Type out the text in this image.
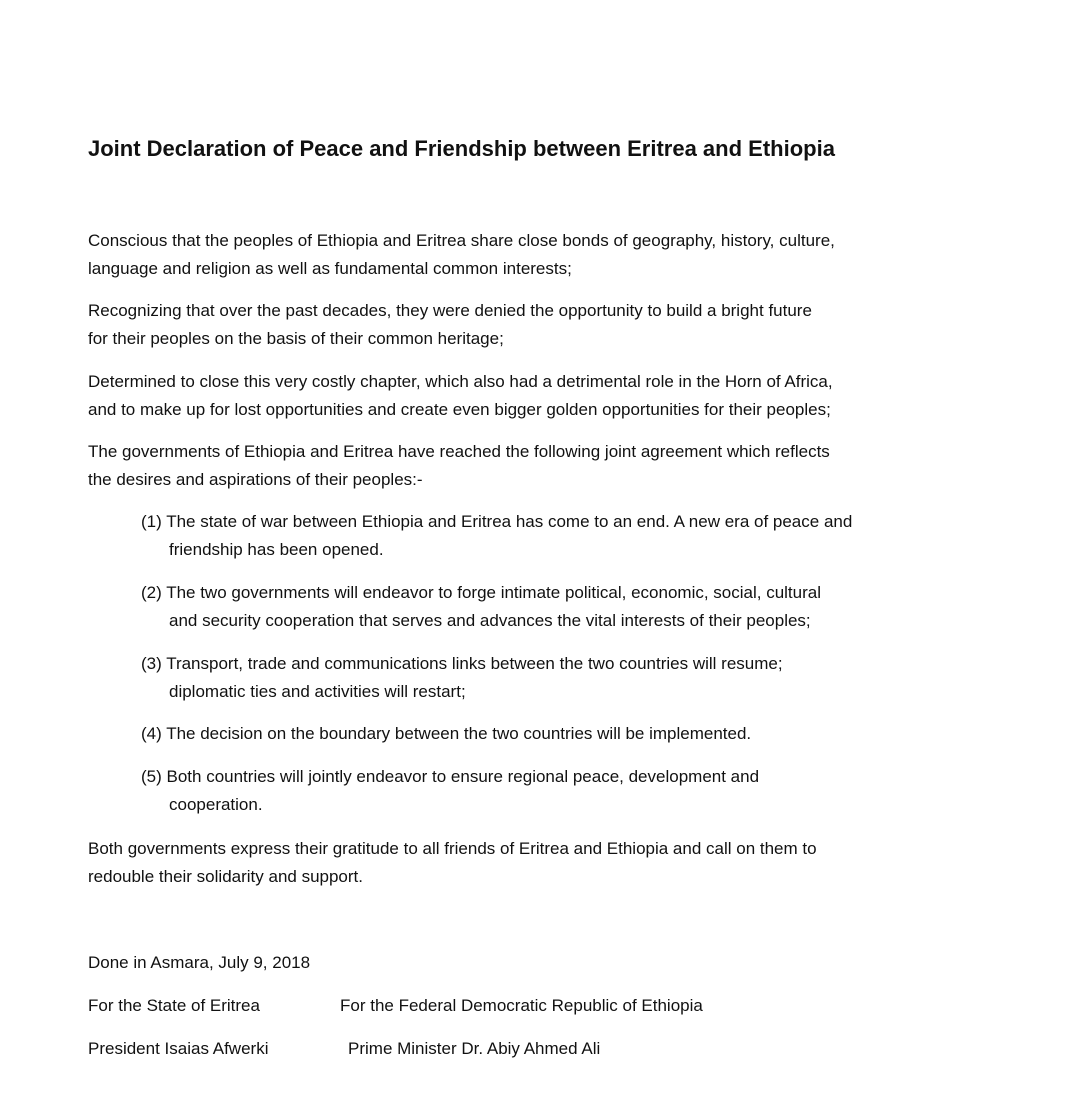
Joint Declaration of Peace and Friendship between Eritrea and Ethiopia

Conscious that the peoples of Ethiopia and Eritrea share close bonds of geography, history, culture,
language and religion as well as fundamental common interests;

Recognizing that over the past decades, they were denied the opportunity to build a bright future
for their peoples on the basis of their common heritage;

Determined to close this very costly chapter, which also had a detrimental role in the Horn of Africa,
and to make up for lost opportunities and create even bigger golden opportunities for their peoples;

The governments of Ethiopia and Eritrea have reached the following joint agreement which reflects
the desires and aspirations of their peoples:-

(1) The state of war between Ethiopia and Eritrea has come to an end. A new era of peace and
friendship has been opened.

(2) The two governments will endeavor to forge intimate political, economic, social, cultural
and security cooperation that serves and advances the vital interests of their peoples;

(3) Transport, trade and communications links between the two countries will resume;
diplomatic ties and activities will restart;

(4) The decision on the boundary between the two countries will be implemented.

(5) Both countries will jointly endeavor to ensure regional peace, development and
cooperation.

Both governments express their gratitude to all friends of Eritrea and Ethiopia and call on them to
redouble their solidarity and support.

Done in Asmara, July 9, 2018
For the State of Eritrea	For the Federal Democratic Republic of Ethiopia
President Isaias Afwerki	Prime Minister Dr. Abiy Ahmed Ali
